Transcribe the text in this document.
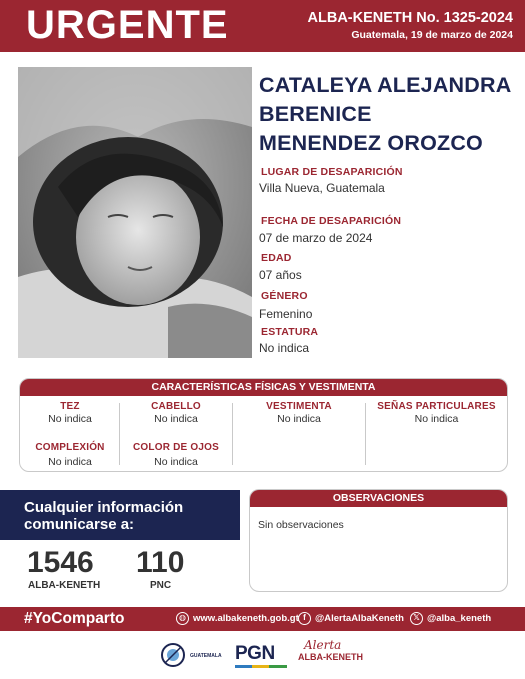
URGENTE	ALBA-KENETH No. 1325-2024
Guatemala, 19 de marzo de 2024
CATALEYA ALEJANDRA
BERENICE
MENENDEZ OROZCO
LUGAR DE DESAPARICIÓN
Villa Nueva, Guatemala
FECHA DE DESAPARICIÓN
07 de marzo de 2024
EDAD
07 años
GÉNERO
Femenino
ESTATURA
No indica
CARACTERÍSTICAS FÍSICAS Y VESTIMENTA
TEZ
No indica
CABELLO
No indica
VESTIMENTA
No indica
SEÑAS PARTICULARES
No indica
COMPLEXIÓN
No indica
COLOR DE OJOS
No indica
Cualquier información
comunicarse a:
1546
ALBA-KENETH
110
PNC
OBSERVACIONES
Sin observaciones
#YoComparto	◍ www.albakeneth.gob.gt f @AlertaAlbaKeneth	𝕏 @alba_keneth
GUATEMALA PGN Alerta
ALBA-KENETH
